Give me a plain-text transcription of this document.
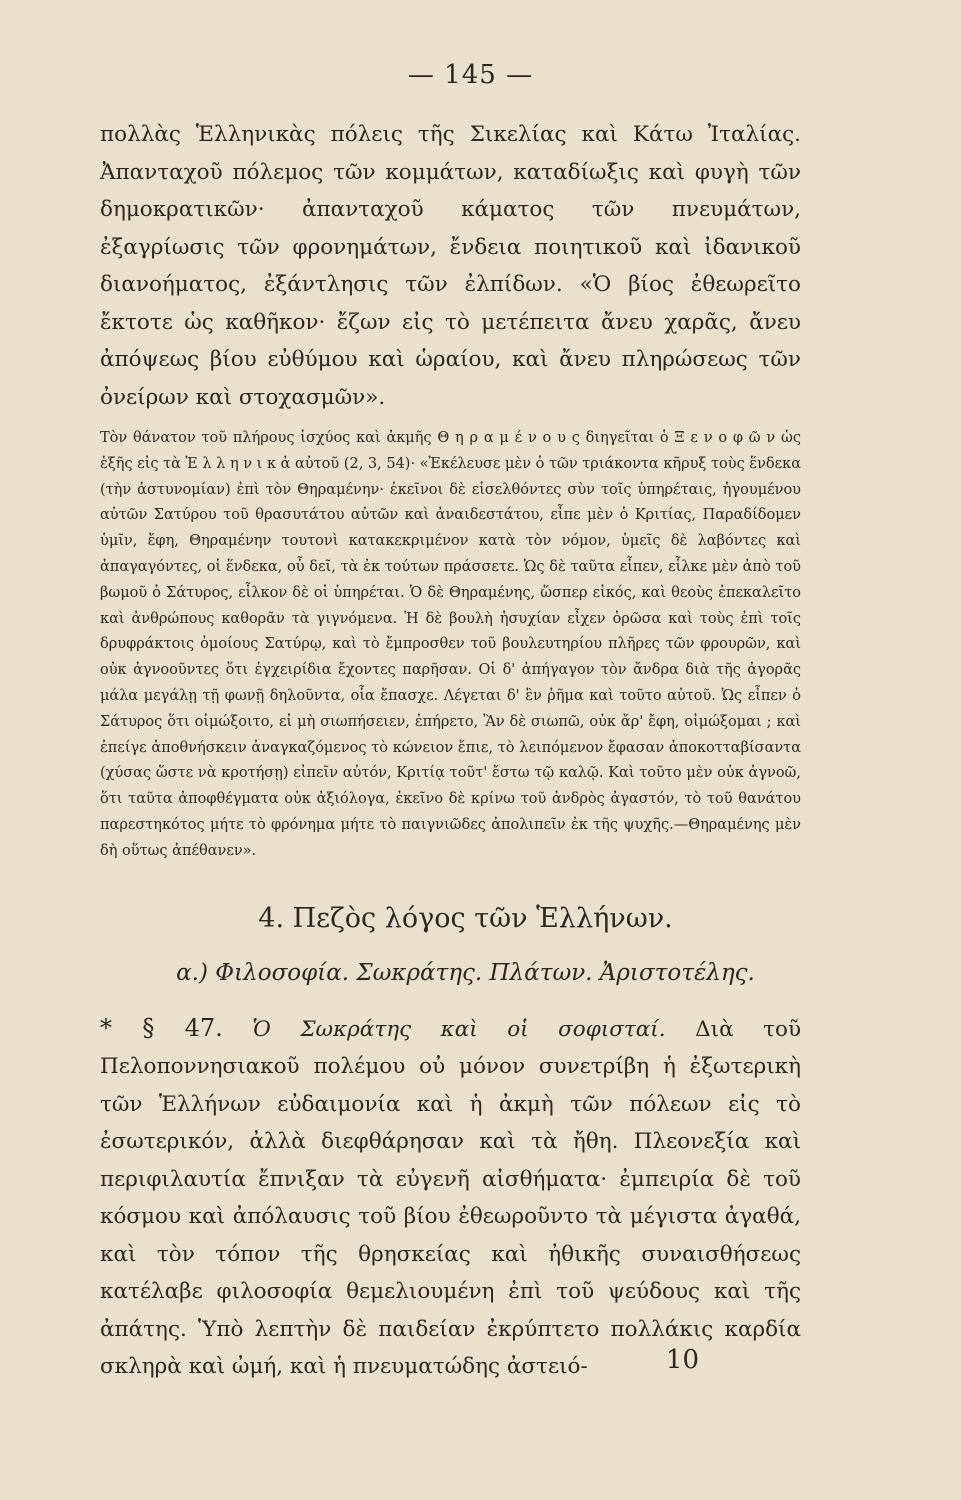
— 145 —

πολλὰς Ἑλληνικὰς πόλεις τῆς Σικελίας καὶ Κάτω Ἰταλίας. Ἀπανταχοῦ πόλεμος τῶν κομμάτων, καταδίωξις καὶ φυγὴ τῶν δημοκρατικῶν· ἀπανταχοῦ κάματος τῶν πνευμάτων, ἐξαγρίωσις τῶν φρονημάτων, ἔνδεια ποιητικοῦ καὶ ἰδανικοῦ διανοήματος, ἐξάντλησις τῶν ἐλπίδων. «Ὁ βίος ἐθεωρεῖτο ἔκτοτε ὡς καθῆκον· ἔζων εἰς τὸ μετέπειτα ἄνευ χαρᾶς, ἄνευ ἀπόψεως βίου εὐθύμου καὶ ὡραίου, καὶ ἄνευ πληρώσεως τῶν ὀνείρων καὶ στοχασμῶν».

Τὸν θάνατον τοῦ πλήρους ἰσχύος καὶ ἀκμῆς Θ η ρ α μ έ ν ο υ ς διηγεῖται ὁ Ξ ε ν ο φ ῶ ν ὡς ἑξῆς εἰς τὰ Ἑ λ λ η ν ι κ ἀ αὐτοῦ (2, 3, 54)· «Ἐκέλευσε μὲν ὁ τῶν τριάκοντα κῆρυξ τοὺς ἕνδεκα (τὴν ἀστυνομίαν) ἐπὶ τὸν Θηραμένην· ἐκεῖνοι δὲ εἰσελθόντες σὺν τοῖς ὑπηρέταις, ἡγουμένου αὐτῶν Σατύρου τοῦ θρασυτάτου αὐτῶν καὶ ἀναιδεστάτου, εἶπε μὲν ὁ Κριτίας, Παραδίδομεν ὑμῖν, ἔφη, Θηραμένην τουτονὶ κατακεκριμένον κατὰ τὸν νόμον, ὑμεῖς δὲ λαβόντες καὶ ἀπαγαγόντες, οἱ ἕνδεκα, οὗ δεῖ, τὰ ἐκ τούτων πράσσετε. Ὡς δὲ ταῦτα εἶπεν, εἷλκε μὲν ἀπὸ τοῦ βωμοῦ ὁ Σάτυρος, εἷλκον δὲ οἱ ὑπηρέται. Ὁ δὲ Θηραμένης, ὥσπερ εἰκός, καὶ θεοὺς ἐπεκαλεῖτο καὶ ἀνθρώπους καθορᾶν τὰ γιγνόμενα. Ἡ δὲ βουλὴ ἡσυχίαν εἶχεν ὁρῶσα καὶ τοὺς ἐπὶ τοῖς δρυφράκτοις ὁμοίους Σατύρῳ, καὶ τὸ ἔμπροσθεν τοῦ βουλευτηρίου πλῆρες τῶν φρουρῶν, καὶ οὐκ ἀγνοοῦντες ὅτι ἐγχειρίδια ἔχοντες παρῆσαν. Οἱ δ' ἀπήγαγον τὸν ἄνδρα διὰ τῆς ἀγορᾶς μάλα μεγάλῃ τῇ φωνῇ δηλοῦντα, οἷα ἔπασχε. Λέγεται δ' ἓν ῥῆμα καὶ τοῦτο αὐτοῦ. Ὡς εἶπεν ὁ Σάτυρος ὅτι οἰμώξοιτο, εἰ μὴ σιωπήσειεν, ἐπήρετο, Ἂν δὲ σιωπῶ, οὐκ ἄρ' ἔφη, οἰμώξομαι ; καὶ ἐπείγε ἀποθνήσκειν ἀναγκαζόμενος τὸ κώνειον ἔπιε, τὸ λειπόμενον ἔφασαν ἀποκοτταβίσαντα (χύσας ὥστε νὰ κροτήσῃ) εἰπεῖν αὐτόν, Κριτίᾳ τοῦτ' ἔστω τῷ καλῷ. Καὶ τοῦτο μὲν οὐκ ἀγνοῶ, ὅτι ταῦτα ἀποφθέγματα οὐκ ἀξιόλογα, ἐκεῖνο δὲ κρίνω τοῦ ἀνδρὸς ἀγαστόν, τὸ τοῦ θανάτου παρεστηκότος μήτε τὸ φρόνημα μήτε τὸ παιγνιῶδες ἀπολιπεῖν ἐκ τῆς ψυχῆς.—Θηραμένης μὲν δὴ οὕτως ἀπέθανεν».

4. Πεζὸς λόγος τῶν Ἑλλήνων.
α.) Φιλοσοφία. Σωκράτης. Πλάτων. Ἀριστοτέλης.

* § 47. Ὁ Σωκράτης καὶ οἱ σοφισταί. Διὰ τοῦ Πελοποννησιακοῦ πολέμου οὐ μόνον συνετρίβη ἡ ἐξωτερικὴ τῶν Ἑλλήνων εὐδαιμονία καὶ ἡ ἀκμὴ τῶν πόλεων εἰς τὸ ἐσωτερικόν, ἀλλὰ διεφθάρησαν καὶ τὰ ἤθη. Πλεονεξία καὶ περιφιλαυτία ἔπνιξαν τὰ εὐγενῆ αἰσθήματα· ἐμπειρία δὲ τοῦ κόσμου καὶ ἀπόλαυσις τοῦ βίου ἐθεωροῦντο τὰ μέγιστα ἀγαθά, καὶ τὸν τόπον τῆς θρησκείας καὶ ἠθικῆς συναισθήσεως κατέλαβε φιλοσοφία θεμελιουμένη ἐπὶ τοῦ ψεύδους καὶ τῆς ἀπάτης. Ὑπὸ λεπτὴν δὲ παιδείαν ἐκρύπτετο πολλάκις καρδία σκληρὰ καὶ ὠμή, καὶ ἡ πνευματώδης ἀστειό-	10
